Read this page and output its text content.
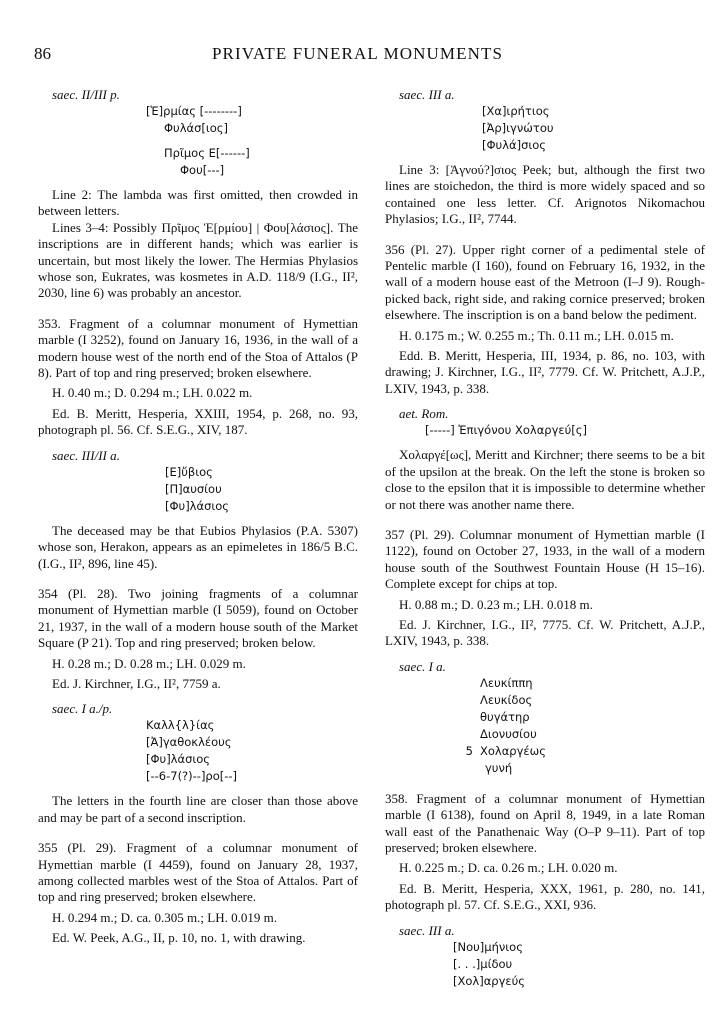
86	PRIVATE FUNERAL MONUMENTS
saec. II/III p.
[Ἑ]ρμίας [--------]
Φυλάσ[ιος]
Πρῖμος Ε[------]
Φου[---]

Line 2: The lambda was first omitted, then crowded in between letters.

Lines 3–4: Possibly Πρῖμος Ἑ[ρμίου] | Φου[λάσιος]. The inscriptions are in different hands; which was earlier is uncertain, but most likely the lower. The Hermias Phylasios whose son, Eukrates, was kosmetes in A.D. 118/9 (I.G., II², 2030, line 6) was probably an ancestor.

353. Fragment of a columnar monument of Hymettian marble (I 3252), found on January 16, 1936, in the wall of a modern house west of the north end of the Stoa of Attalos (P 8). Part of top and ring preserved; broken elsewhere.

H. 0.40 m.; D. 0.294 m.; LH. 0.022 m.

Ed. B. Meritt, Hesperia, XXIII, 1954, p. 268, no. 93, photograph pl. 56. Cf. S.E.G., XIV, 187.

saec. III/II a.
[Ε]ὔβιος
[Π]αυσίου
[Φυ]λάσιος

The deceased may be that Eubios Phylasios (P.A. 5307) whose son, Herakon, appears as an epimeletes in 186/5 B.C. (I.G., II², 896, line 45).

354 (Pl. 28). Two joining fragments of a columnar monument of Hymettian marble (I 5059), found on October 21, 1937, in the wall of a modern house south of the Market Square (P 21). Top and ring preserved; broken below.

H. 0.28 m.; D. 0.28 m.; LH. 0.029 m.

Ed. J. Kirchner, I.G., II², 7759 a.

saec. I a./p.
Καλλ{λ}ίας
[Ἀ]γαθοκλέους
[Φυ]λάσιος
[--6-7(?)--]ρο[--]

The letters in the fourth line are closer than those above and may be part of a second inscription.

355 (Pl. 29). Fragment of a columnar monument of Hymettian marble (I 4459), found on January 28, 1937, among collected marbles west of the Stoa of Attalos. Part of top and ring preserved; broken elsewhere.

H. 0.294 m.; D. ca. 0.305 m.; LH. 0.019 m.

Ed. W. Peek, A.G., II, p. 10, no. 1, with drawing.

saec. III a.
[Χα]ιρήτιος
[Ἀρ]ιγνώτου
[Φυλά]σιος

Line 3: [Ἁγνού?]σιος Peek; but, although the first two lines are stoichedon, the third is more widely spaced and so contained one less letter. Cf. Arignotos Nikomachou Phylasios; I.G., II², 7744.

356 (Pl. 27). Upper right corner of a pedimental stele of Pentelic marble (I 160), found on February 16, 1932, in the wall of a modern house east of the Metroon (I–J 9). Rough-picked back, right side, and raking cornice preserved; broken elsewhere. The inscription is on a band below the pediment.

H. 0.175 m.; W. 0.255 m.; Th. 0.11 m.; LH. 0.015 m.

Edd. B. Meritt, Hesperia, III, 1934, p. 86, no. 103, with drawing; J. Kirchner, I.G., II², 7779. Cf. W. Pritchett, A.J.P., LXIV, 1943, p. 338.

aet. Rom.
[-----] Ἐπιγόνου Χολαργεύ[ς]

Χολαργέ[ως], Meritt and Kirchner; there seems to be a bit of the upsilon at the break. On the left the stone is broken so close to the epsilon that it is impossible to determine whether or not there was another name there.

357 (Pl. 29). Columnar monument of Hymettian marble (I 1122), found on October 27, 1933, in the wall of a modern house south of the Southwest Fountain House (H 15–16). Complete except for chips at top.

H. 0.88 m.; D. 0.23 m.; LH. 0.018 m.

Ed. J. Kirchner, I.G., II², 7775. Cf. W. Pritchett, A.J.P., LXIV, 1943, p. 338.

saec. I a.
Λευκίππη
Λευκίδος
θυγάτηρ
Διονυσίου
5 Χολαργέως
γυνή

358. Fragment of a columnar monument of Hymettian marble (I 6138), found on April 8, 1949, in a late Roman wall east of the Panathenaic Way (O–P 9–11). Part of top preserved; broken elsewhere.

H. 0.225 m.; D. ca. 0.26 m.; LH. 0.020 m.

Ed. B. Meritt, Hesperia, XXX, 1961, p. 280, no. 141, photograph pl. 57. Cf. S.E.G., XXI, 936.

saec. III a.
[Νου]μήνιος
[. . .]μίδου
[Χολ]αργεύς
